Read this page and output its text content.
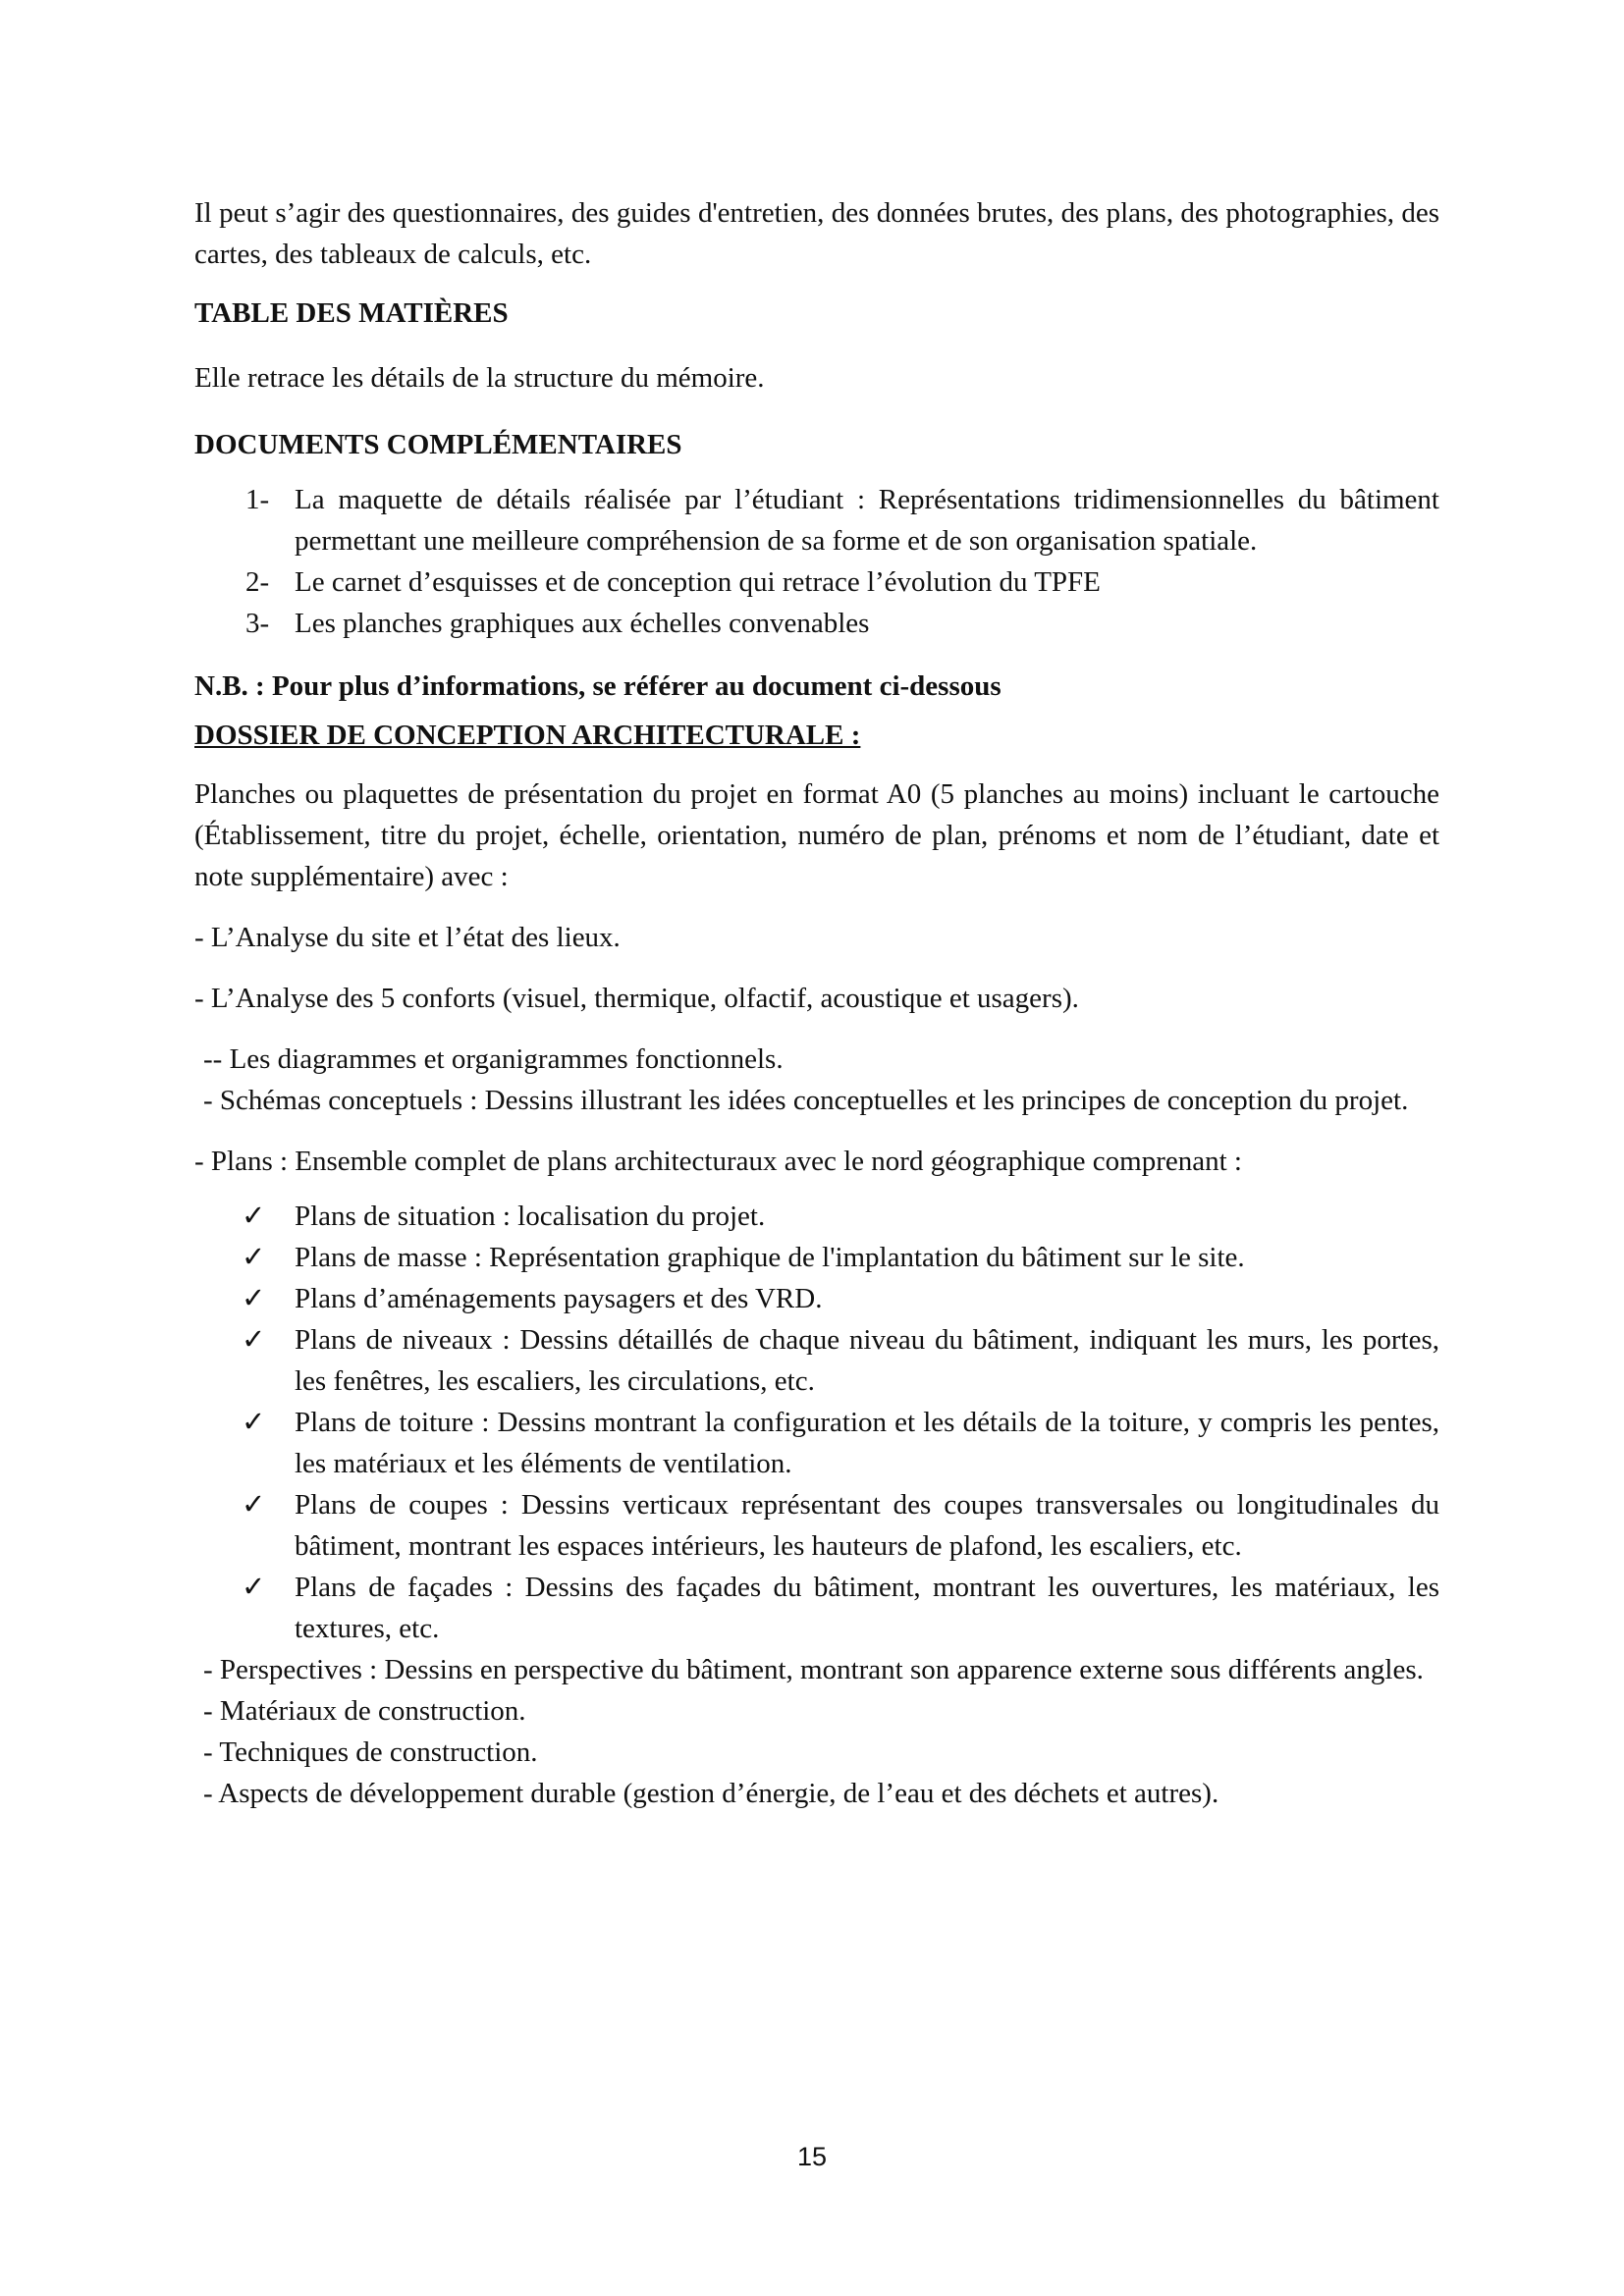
Il peut s’agir des questionnaires, des guides d'entretien, des données brutes, des plans, des photographies, des cartes, des tableaux de calculs, etc.

TABLE DES MATIÈRES

Elle retrace les détails de la structure du mémoire.

DOCUMENTS COMPLÉMENTAIRES

1- La maquette de détails réalisée par l’étudiant : Représentations tridimensionnelles du bâtiment permettant une meilleure compréhension de sa forme et de son organisation spatiale.
2- Le carnet d’esquisses et de conception qui retrace l’évolution du TPFE
3- Les planches graphiques aux échelles convenables

N.B. : Pour plus d’informations, se référer au document ci-dessous

DOSSIER DE CONCEPTION ARCHITECTURALE :

Planches ou plaquettes de présentation du projet en format A0 (5 planches au moins) incluant le cartouche (Établissement, titre du projet, échelle, orientation, numéro de plan, prénoms et nom de l’étudiant, date et note supplémentaire) avec :

- L’Analyse du site et l’état des lieux.

- L’Analyse des 5 conforts (visuel, thermique, olfactif, acoustique et usagers).

-- Les diagrammes et organigrammes fonctionnels.

- Schémas conceptuels : Dessins illustrant les idées conceptuelles et les principes de conception du projet.

- Plans : Ensemble complet de plans architecturaux avec le nord géographique comprenant :

✓	Plans de situation : localisation du projet.
✓	Plans de masse : Représentation graphique de l'implantation du bâtiment sur le site.
✓	Plans d’aménagements paysagers et des VRD.
✓	Plans de niveaux : Dessins détaillés de chaque niveau du bâtiment, indiquant les murs, les portes, les fenêtres, les escaliers, les circulations, etc.
✓	Plans de toiture : Dessins montrant la configuration et les détails de la toiture, y compris les pentes, les matériaux et les éléments de ventilation.
✓	Plans de coupes : Dessins verticaux représentant des coupes transversales ou longitudinales du bâtiment, montrant les espaces intérieurs, les hauteurs de plafond, les escaliers, etc.
✓	Plans de façades : Dessins des façades du bâtiment, montrant les ouvertures, les matériaux, les textures, etc.

- Perspectives : Dessins en perspective du bâtiment, montrant son apparence externe sous différents angles.

- Matériaux de construction.

- Techniques de construction.

- Aspects de développement durable (gestion d’énergie, de l’eau et des déchets et autres).

15
